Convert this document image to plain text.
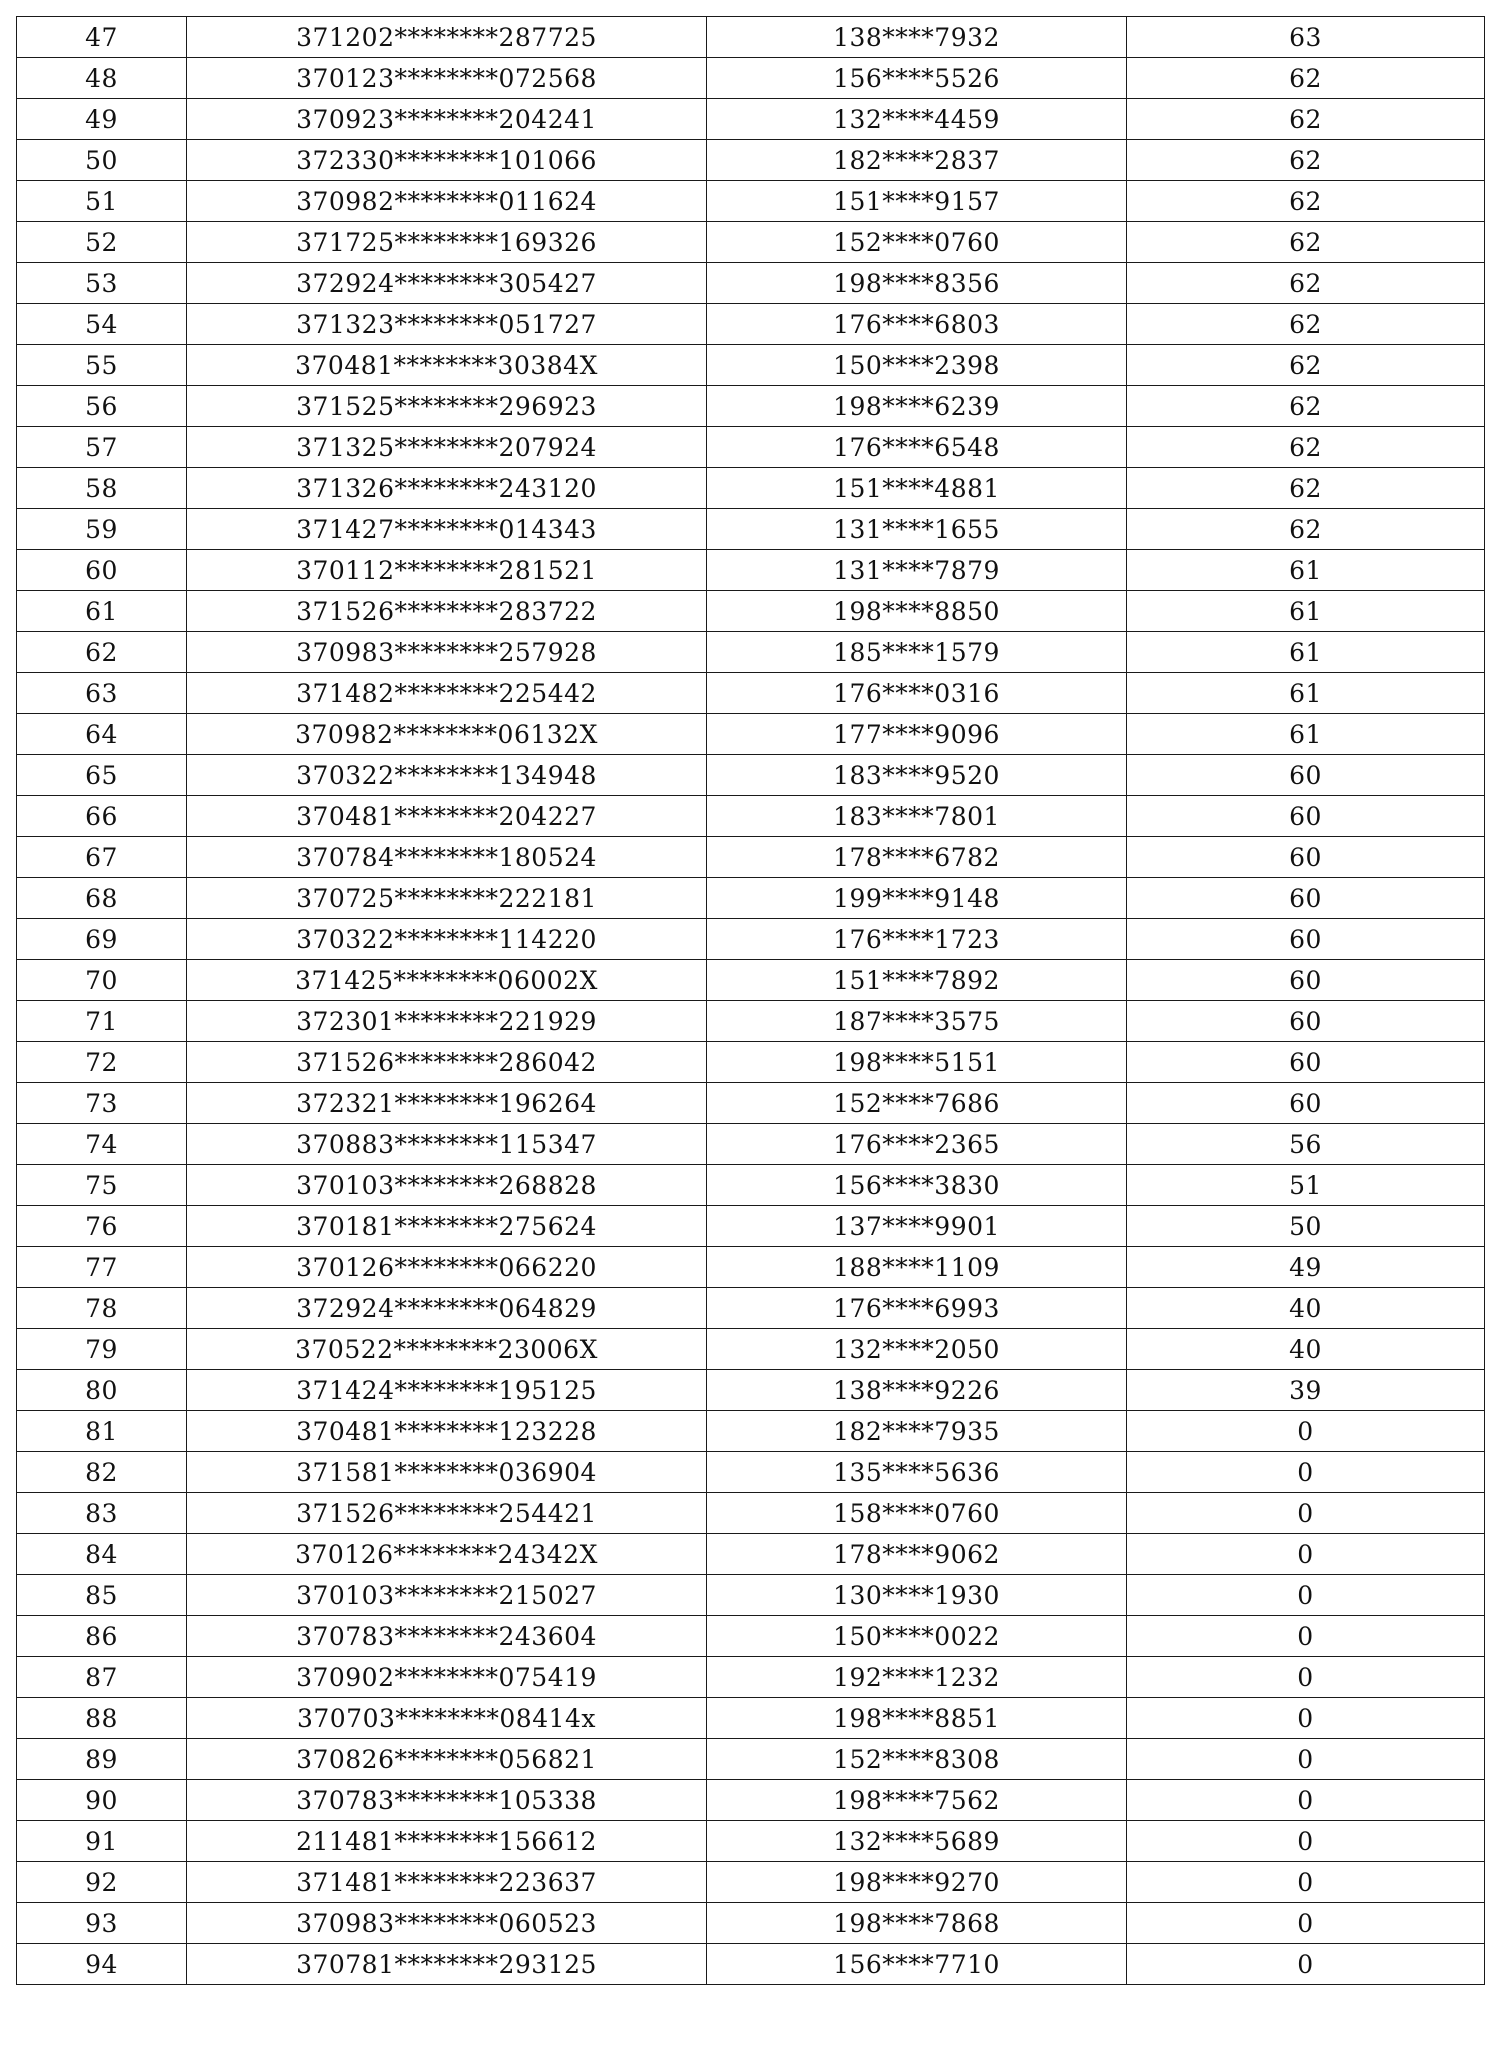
47	371202********287725	138****7932	63
48	370123********072568	156****5526	62
49	370923********204241	132****4459	62
50	372330********101066	182****2837	62
51	370982********011624	151****9157	62
52	371725********169326	152****0760	62
53	372924********305427	198****8356	62
54	371323********051727	176****6803	62
55	370481********30384X	150****2398	62
56	371525********296923	198****6239	62
57	371325********207924	176****6548	62
58	371326********243120	151****4881	62
59	371427********014343	131****1655	62
60	370112********281521	131****7879	61
61	371526********283722	198****8850	61
62	370983********257928	185****1579	61
63	371482********225442	176****0316	61
64	370982********06132X	177****9096	61
65	370322********134948	183****9520	60
66	370481********204227	183****7801	60
67	370784********180524	178****6782	60
68	370725********222181	199****9148	60
69	370322********114220	176****1723	60
70	371425********06002X	151****7892	60
71	372301********221929	187****3575	60
72	371526********286042	198****5151	60
73	372321********196264	152****7686	60
74	370883********115347	176****2365	56
75	370103********268828	156****3830	51
76	370181********275624	137****9901	50
77	370126********066220	188****1109	49
78	372924********064829	176****6993	40
79	370522********23006X	132****2050	40
80	371424********195125	138****9226	39
81	370481********123228	182****7935	0
82	371581********036904	135****5636	0
83	371526********254421	158****0760	0
84	370126********24342X	178****9062	0
85	370103********215027	130****1930	0
86	370783********243604	150****0022	0
87	370902********075419	192****1232	0
88	370703********08414x	198****8851	0
89	370826********056821	152****8308	0
90	370783********105338	198****7562	0
91	211481********156612	132****5689	0
92	371481********223637	198****9270	0
93	370983********060523	198****7868	0
94	370781********293125	156****7710	0
